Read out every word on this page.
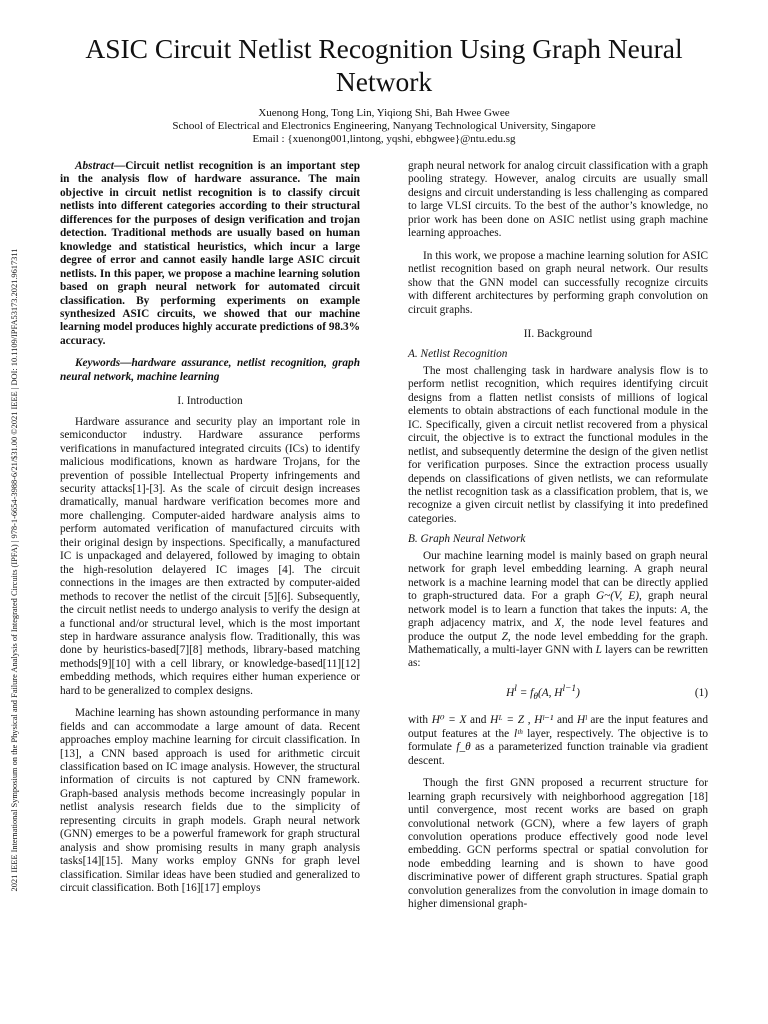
2021 IEEE International Symposium on the Physical and Failure Analysis of Integrated Circuits (IPFA) | 978-1-6654-3988-6/21/$31.00 ©2021 IEEE | DOI: 10.1109/IPFA53173.2021.9617311
ASIC Circuit Netlist Recognition Using Graph Neural Network
Xuenong Hong, Tong Lin, Yiqiong Shi, Bah Hwee Gwee
School of Electrical and Electronics Engineering, Nanyang Technological University, Singapore
Email : {xuenong001,lintong, yqshi, ebhgwee}@ntu.edu.sg

Abstract—Circuit netlist recognition is an important step in the analysis flow of hardware assurance. The main objective in circuit netlist recognition is to classify circuit netlists into different categories according to their structural differences for the purposes of design verification and trojan detection. Traditional methods are usually based on human knowledge and statistical heuristics, which incur a large degree of error and cannot easily handle large ASIC circuit netlists. In this paper, we propose a machine learning solution based on graph neural network for automated circuit classification. By performing experiments on example synthesized ASIC circuits, we showed that our machine learning model produces highly accurate predictions of 98.3% accuracy.

Keywords—hardware assurance, netlist recognition, graph neural network, machine learning

I. Introduction

Hardware assurance and security play an important role in semiconductor industry. Hardware assurance performs verifications in manufactured integrated circuits (ICs) to identify malicious modifications, known as hardware Trojans, for the prevention of possible Intellectual Property infringements and security attacks[1]-[3]. As the scale of circuit design increases dramatically, manual hardware verification becomes more and more challenging. Computer-aided hardware analysis aims to perform automated verification of manufactured circuits with their original design by inspections. Specifically, a manufactured IC is unpackaged and delayered, followed by imaging to obtain the high-resolution delayered IC images [4]. The circuit connections in the images are then extracted by computer-aided methods to recover the netlist of the circuit [5][6]. Subsequently, the circuit netlist needs to undergo analysis to verify the design at a functional and/or structural level, which is the most important step in hardware assurance analysis flow. Traditionally, this was done by heuristics-based[7][8] methods, library-based matching methods[9][10] with a cell library, or knowledge-based[11][12] embedding methods, which requires either human experience or hard to be generalized to complex designs.

Machine learning has shown astounding performance in many fields and can accommodate a large amount of data. Recent approaches employ machine learning for circuit classification. In [13], a CNN based approach is used for arithmetic circuit classification based on IC image analysis. However, the structural information of circuits is not captured by CNN framework. Graph-based analysis methods become increasingly popular in netlist analysis research fields due to the simplicity of representing circuits in graph models. Graph neural network (GNN) emerges to be a powerful framework for graph structural analysis and show promising results in many graph analysis tasks[14][15]. Many works employ GNNs for graph level classification. Similar ideas have been studied and generalized to circuit classification. Both [16][17] employs

graph neural network for analog circuit classification with a graph pooling strategy. However, analog circuits are usually small designs and circuit understanding is less challenging as compared to large VLSI circuits. To the best of the author’s knowledge, no prior work has been done on ASIC netlist using graph machine learning approaches.

In this work, we propose a machine learning solution for ASIC netlist recognition based on graph neural network. Our results show that the GNN model can successfully recognize circuits with different architectures by performing graph convolution on circuit graphs.

II. Background
A. Netlist Recognition

The most challenging task in hardware analysis flow is to perform netlist recognition, which requires identifying circuit designs from a flatten netlist consists of millions of logical elements to obtain abstractions of each functional module in the IC. Specifically, given a circuit netlist recovered from a physical circuit, the objective is to extract the functional modules in the netlist, and subsequently determine the design of the given netlist for verification purposes. Since the extraction process usually depends on classifications of given netlists, we can reformulate the netlist recognition task as a classification problem, that is, we recognize a given circuit netlist by classifying it into predefined categories.

B. Graph Neural Network

Our machine learning model is mainly based on graph neural network for graph level embedding learning. A graph neural network is a machine learning model that can be directly applied to graph-structured data. For a graph G~(V, E), graph neural network model is to learn a function that takes the inputs: A, the graph adjacency matrix, and X, the node level features and produce the output Z, the node level embedding for the graph. Mathematically, a multi-layer GNN with L layers can be rewritten as:

$H^l = f_\theta(A$, $H^{l-1}$)	(1)

with H⁰ = X and Hᴸ = Z , Hˡ⁻¹ and Hˡ are the input features and output features at the lᵗʰ layer, respectively. The objective is to formulate f_θ as a parameterized function trainable via gradient descent.

Though the first GNN proposed a recurrent structure for learning graph recursively with neighborhood aggregation [18] until convergence, most recent works are based on graph convolutional network (GCN), where a few layers of graph convolution operations produce effectively good node level embedding. GCN performs spectral or spatial convolution for node embedding learning and is shown to have good discriminative power of different graph structures. Spatial graph convolution generalizes from the convolution in image domain to higher dimensional graph-
